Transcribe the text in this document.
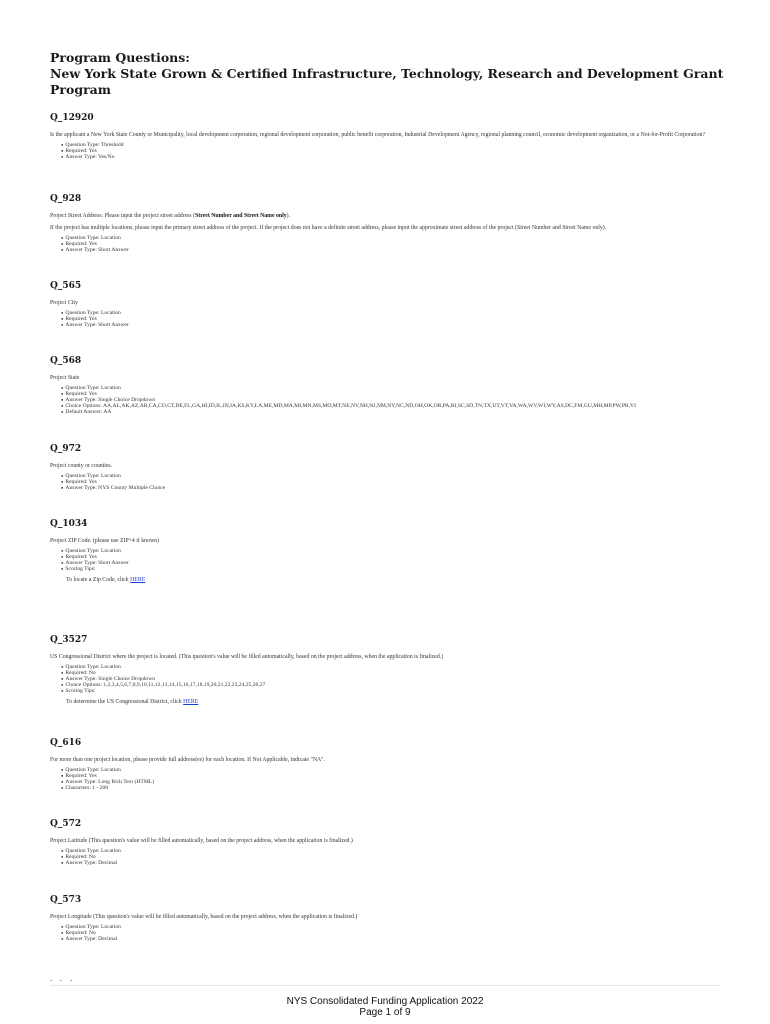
Program Questions:
New York State Grown & Certified Infrastructure, Technology, Research and Development Grant Program
Q_12920
Is the applicant a New York State County or Municipality, local development corporation, regional development corporation, public benefit corporation, Industrial Development Agency, regional planning council, economic development organization, or a Not-for-Profit Corporation?
● Question Type: Threshold
● Required: Yes
● Answer Type: Yes/No
Q_928
Project Street Address: Please input the project street address (Street Number and Street Name only).
If the project has multiple locations, please input the primary street address of the project. If the project does not have a definite street address, please input the approximate street address of the project (Street Number and Street Name only).
● Question Type: Location
● Required: Yes
● Answer Type: Short Answer
Q_565
Project City
● Question Type: Location
● Required: Yes
● Answer Type: Short Answer
Q_568
Project State
● Question Type: Location
● Required: Yes
● Answer Type: Single Choice Dropdown
● Choice Options: AA,AL,AK,AZ,AR,CA,CO,CT,DE,FL,GA,HI,ID,IL,IN,IA,KS,KY,LA,ME,MD,MA,MI,MN,MS,MO,MT,NE,NV,NH,NJ,NM,NY,NC,ND,OH,OK,OR,PA,RI,SC,SD,TN,TX,UT,VT,VA,WA,WV,WI,WY,AS,DC,FM,GU,MH,MP,PW,PR,VI
● Default Answer: AA
Q_972
Project county or counties.
● Question Type: Location
● Required: Yes
● Answer Type: NYS County Multiple Choice
Q_1034
Project ZIP Code. (please use ZIP+4 if known)
● Question Type: Location
● Required: Yes
● Answer Type: Short Answer
● Scoring Tips:
To locate a Zip Code, click HERE
Q_3527
US Congressional District where the project is located. (This question's value will be filled automatically, based on the project address, when the application is finalized.)
● Question Type: Location
● Required: No
● Answer Type: Single Choice Dropdown
● Choice Options: 1,2,3,4,5,6,7,8,9,10,11,12,13,14,15,16,17,18,19,20,21,22,23,24,25,26,27
● Scoring Tips:
To determine the US Congressional District, click HERE
Q_616
For more than one project location, please provide full address(es) for each location. If Not Applicable, indicate "NA".
● Question Type: Location
● Required: Yes
● Answer Type: Long Rich Text (HTML)
● Characters: 1 - 200
Q_572
Project Latitude (This question's value will be filled automatically, based on the project address, when the application is finalized.)
● Question Type: Location
● Required: No
● Answer Type: Decimal
Q_573
Project Longitude (This question's value will be filled automatically, based on the project address, when the application is finalized.)
● Question Type: Location
● Required: No
● Answer Type: Decimal
NYS Consolidated Funding Application 2022
Page 1 of 9
